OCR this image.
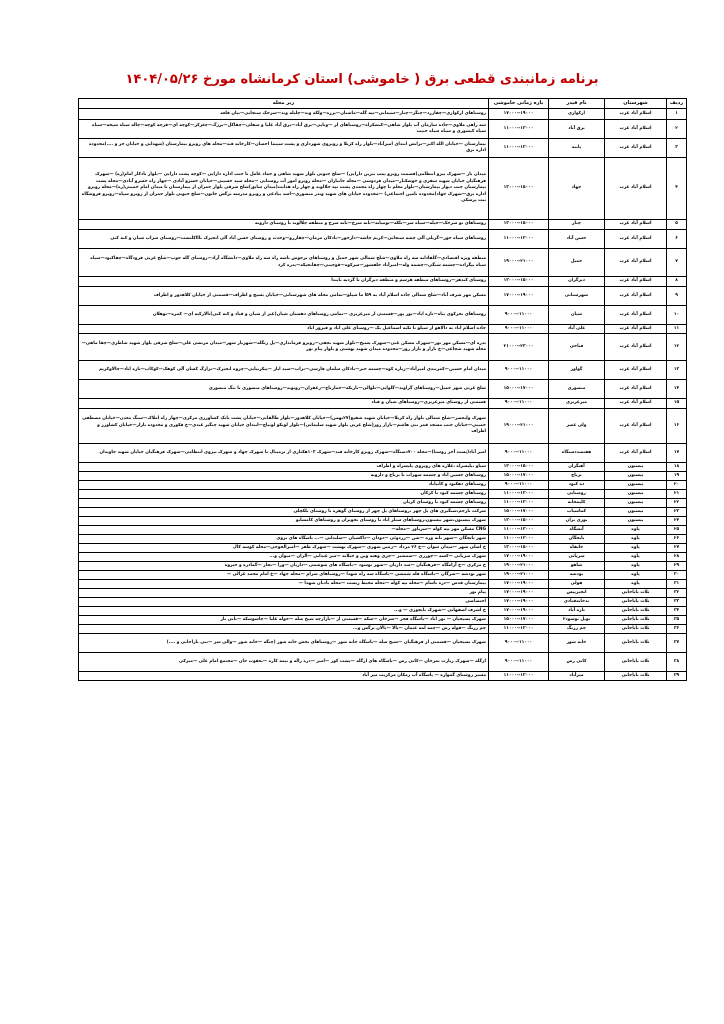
برنامه زمانبندی قطعی برق ( خاموشی) استان کرمانشاه مورخ ۱۴۰۴/۰۵/۲۶
ردیف	شهرستان	نام فیدر	بازه زمانی خاموشی	زیر محله
۱	اسلام آباد غرب	ارکوازی	۱۷۰۰۰--۱۹۰۰۰	روستاهای ارکوازی—چقازرد—چنگر—چنار—سیمانی—تپه گله—ماشتان—برزه—ولکه وند—چلیله وند—سرخک سنجابی—بیان قلعه
۲	اسلام آباد غرب	برق آباد	۱۱۰۰۰--۱۳۰۰۰	سه راهی ملاوی—جاده سازمان آب بلوار شاهی—کنشکراه—روستاهای لر —وتاپی—برق آباد—برق آباد علیا و سفلی—چقاکل—برزگ—چغرکر—کوچه ای—قرچه کوچه—چاله سیاه شیخه—سیاه سیاه کیشوری و سیاه سیاه حبیب
۳	اسلام آباد غرب	پاینه	۱۱۰۰۰--۱۳۰۰۰	بیمارستان —خیابان الله اکبر—ترانس ابتدای امیرآباد—بلوار راه کربلا و روبروی شهرداری و پشت سینما احسان—کارخانه قند—محله های روبرو بیمارستان (شهدایی و خیابان حر و ....)محدوده اداره برق
۴	اسلام آباد غرب	جهاد	۱۳۰۰۰--۱۵۰۰۰	میدان بار —شهرک نیرو انتظامی(قسمت روبرو پمپ بنزین دارایی) —شلخ جنوبی بلوار شهید شاهی و حماد عامل تا جنب اداره دارایی —کوچه پشت دارایی —بلوار بادکار امام(ره) —شهرک فرهنگیان خیابان شهید سفری و خوشکنار—میدان فردوسی —محله جانبازان —محله روبرو امور آب روستایی —محله سید حسینی—خیابان خسرو آبادی —جهار راه خسرو آبادی—محله پشت بیمارستان جنب دیوار بیمارستان—بلوار معلم تا چهار راه محمدی پشت تپه جلالوند و چهار راه هدایت(میدان سابق)شلخ شرقی بلوار جمران از بیمارستان تا میدان امام خمینی(ره)—محله روبرو اداره برق—شهرک جهاد(محدوده تامین اجتماعی) —محدوده خیابان های شهید وندر منصوری—اسد بیادغی و روبرو مدرسه نرگس خاتون—شلخ جنوبی بلوار جمران از روبرو سپاه—روبرو فروشگاه ثبت پزشکی
۵	اسلام آباد غرب	چنار	۱۳۰۰۰--۱۵۰۰۰	روستاهای تو سرخک—خیله—سیاه سر—بلکه—تومیانه—بانه سرخ—بانه سرخ و منطقه چلالوند تا روستای دارونه
۶	اسلام آباد غرب	حسن آباد	۱۱۰۰۰--۱۳۰۰۰	روستاهای سیاه خور—گزیلی آلی چشه سنجابی—کریم چاشه—دارخور—بادکان مرمان—چقازرو—وحدت و روستای حسن آباد آلی انجیرک تاااکلتشت—روستای سراب شیان و کنه کنی
۷	اسلام آباد غرب	حمیل	۱۹۰۰۰--۲۱۰۰۰	منطقه ویژه اقتصادی—گلفادانه سه راه ملاوی—شلخ شمالی شهر حمیل و روستاهای ترجوش تاسه راه سه راه ملاوی—دانشگاه آزاد—روستای گله جوب—شلخ غربی فرودگاه—چقاکبود—سیاه سیاه بیگزاده—چشمه سنگی—چشمه وله—امیرآباد خلفشور—سرکوه—قوجینی—چقانجیکه—پدره کرد
۸	اسلام آباد غرب	دیزگران	۱۳۰۰۰--۱۵۰۰۰	روستای کندهر—روستاهای منطقه هرسم و منطقه دیزگران تا گردنه نابندا
۹	اسلام آباد غرب	شهرستانی	۱۷۰۰۰--۱۹۰۰۰	مسکن مهر شرف آباد—شلخ شمالی جاده اسلام آباد به ۵۹ا ما سیلو—تمامی محله های شهرستانی—خیابان بسیج و اطراف—قسمتی از خیابان کلاهدوز و اطراف
۱۰	اسلام آباد غرب	شیان	۹۰۰۰--۱۱۰۰۰	روستاهای تخرکوی بناه—تازه اباد—پور پور—قسمتی از میرعزیزی —تمامی روستاهای دهستان شیان(غیر از شیان و قباد و کنه کنی)تالارکبه ای— کمره—نوهلان
۱۱	اسلام آباد غرب	علی آباد	۹۰۰۰--۱۱۰۰۰	جاده اسلام اباد به دالاهو از سیلو تا تکیه اسماعیل بک —روستای علی اباد و فیروز اباد
۱۲	اسلام آباد غرب	فتاحی	۲۱۰۰۰--۲۳۰۰۰	بدره ای—مسکن مهر نور—شهرک مسکن غنی—شهرک پسیج—بلوار شهید نجفی—روبرو فرمانداری—پل زنگله—شهربار شهر—میدان مرتضی علی—شلخ شرقی بلوار شهید شاطری—چقا ماهی—محله شهید شجاعی—خ بازار و بازار روز—محدوده میدان شهید بهشتی و بلوار پیام نور
۱۳	اسلام آباد غرب	گواور	۹۰۰۰--۱۱۰۰۰	میدان امام حسین—کمربندی امیرآباد—زیاره کوه—چشمه خیر—بادکان سلمان فارسی—تراب—سید ایاز —پیکرنیایی—چزوه انجیرک—تراژگ کسان آلی کوهک—کوکاب—تازه اباد—چالاوکریم
۱۴	اسلام آباد غرب	منصوری	۱۵۰۰۰--۱۷۰۰۰	شلخ غربی شهر حمیل—روستاهای گراوند—گلوانی—تلوالی—باریکه—خمارتاج—زعفران—روتوند—روستاهای منصوری تا تنگ منصوری
۱۵	اسلام آباد غرب	میرعزیزی	۹۰۰۰--۱۱۰۰۰	قسمتی از روستای میرعزیزی—روستاهای شیان و قباد
۱۶	اسلام آباد غرب	ولی عصر	۱۹۰۰۰--۲۱۰۰۰	شهرک ولیعصر—شلخ شمالی بلوار راه کربلا—خیابان شهید شفیع(۲۷بهمن)—خیابان کلاهدوز—بلوار طالقانی—خیابان پشت بانک کشاورزی مرکزی—چهار راه املاک—سنگ معدن—خیابان مصطفی خمینی—خیابان جنب مسجد قمر بنی هاشم—بازار روز(شلخ غربی بلوار شهید سلیمانی)—بلوار لوتکو لونیاچ—ابتدای خیابان شهید چنگیز عبدی—خ فکوری و محدوده بازار—خیابان کشاورز و اطراف
۱۷	اسلام آباد غرب	هفتصددستگاه	۹۰۰۰--۱۱۰۰۰	امیر آباد(پست آخر روستا)—محله ۷۰۰دستگاه—شهرک روبرو کارخانه قند—شهرک ۱۰۳هکتاری از ترمینال تا شهرک جهاد و شهرک نیروی انتظامی—شهرک فرهنگیان خیابان شهید جاویدان
۱۸	بیستون	آهنگران	۱۳۰۰۰--۱۵۰۰۰	سیاو ،پلیسراه ،علاره های روبروی پلیسراه و اطراف
۱۹	بیستون	برناج	۱۵۰۰۰--۱۷۰۰۰	روستاهای حسین اباد و چشمه سهراب تا برناج و دارونه
۲۰	بیستون	ده کبود	۹۰۰۰--۱۱۰۰۰	روستاهای دهکبود و کانیاباد
۲۱	بیستون	روستایی	۱۱۰۰۰--۱۳۰۰۰	روستاهای چشمه کبود تا کرکان
۲۲	بیستون	کلیمخانه	۱۱۰۰۰--۱۳۰۰۰	روستاهای چشمه کبود تا روستای کریان
۲۳	بیستون	کماسیاب	۱۵۰۰۰--۱۷۰۰۰	شرکت نارجم،سنگبری های پل چهر ،روستاهای پل چهر از روستای گوهره تا روستای بلکچلی
۲۴	بیستون	نوزی بران	۱۳۰۰۰--۱۵۰۰۰	شهرک بیستون،شهر بیستون،روستاهای ستلر اباد تا روستای تجوبران و روستاهای کامشانو
۲۵	پاوه	آتشگاه	۱۱۰۰۰--۱۳۰۰۰	CNG مسکن مهر تپه کوله —سرپاور —محله—
۲۶	پاوه	بابجگان	۱۱۰۰۰--۱۳۰۰۰	شهر بابجگان —شهر بانه وره —شن —زردوئی —دودان —داکسیان —سلیدانی —... باسگاه های بروی
۲۷	پاوه	خانقاه	۱۳۰۰۰--۱۵۰۰۰	خ اصلی شهر —میدان سوان —خ ۲۶ مرداد —زمین شهری —شهرک نهشت —شهرک ظفر —امیرالخوحی—محله کوسه کال
۲۸	پاوه	سرپانی	۱۷۰۰۰--۱۹۰۰۰	شهرک سرپانی —کسه —چورزی —شمشیر —جری وهته وین و جیلانه —میر عیدانی —الران —میوان و...
۲۹	پاوه	شاهو	۱۹۰۰۰--۲۱۰۰۰	خ مرکزی —خ آرامگاه —فرهنگیان —سد داریان —شهر نوسود —باسگاه های شوشمی —داریان —ورا —تجاز —گمادره و خیروه
۳۰	پاوه	نودشه	۱۹۰۰۰--۲۱۰۰۰	شهر نودشه —شرگان —باسگاه قله شمشی —باسگاه سه راه شهدا —روستاهای شرام —محله جهاد —خ امام محمد غزالی —
۳۱	پاوه	هولی	۱۷۰۰۰--۱۹۰۰۰	بیمارستان قدس —دره باسام —محله تپه کوله —محله محیط زیست —محله بادبان شهدا —
۳۲	ثلاث باباجانی	انجیرپیس	۱۷۰۰۰--۱۹۰۰۰	پیام نور
۳۳	ثلاث باباجانی	بدخانه‌قبادی	۱۷۰۰۰--۱۹۰۰۰	اختصاصی
۳۴	ثلاث باباجانی	تازه آباد	۱۷۰۰۰--۱۹۰۰۰	خ اشرف اصفهانی —شهرک نایجوزی — و...
۳۵	ثلاث باباجانی	تونل نوسود۲	۱۵۰۰۰--۱۷۰۰۰	شهرک بسیجیان — نور اباد —باسگاه فجر —شرخان —شکه —قسمتی از —بازارچه شیخ صله —خوله علیا —چاسوسکه —بانی نار
۳۶	ثلاث باباجانی	چم زرنگ	۱۱۰۰۰--۱۳۰۰۰	چم زرنگ —قوله رش —چمه لمه عثمان —بالا —بالان نرگس و...
۳۷	ثلاث باباجانی	خانه شور	۹۰۰۰--۱۱۰۰۰	شهرک بسیجیان —قسمتی از فرهنگیان —شیخ صله —باسگاه خانه شور —روستاهای بخش خانه شور (چنگه —خانه شور —والی سر —بنی تاراخانی و ....)
۳۸	ثلاث باباجانی	کانی رش	۹۰۰۰--۱۱۰۰۰	ازگله —شهرک زیارت تمرخان —کانی رش —باسگاه های ازگله —پشت کور —امیر —دره زاله و نیمه کاره —یعقوب جان —مجتمع امام علی —میرکی
۳۹	ثلاث باباجانی	میرآباد	۱۱۰۰۰--۱۳۰۰۰	مسیر روستای گمواره — پاسگاه آب زمکان مرکزیت میر آباد
